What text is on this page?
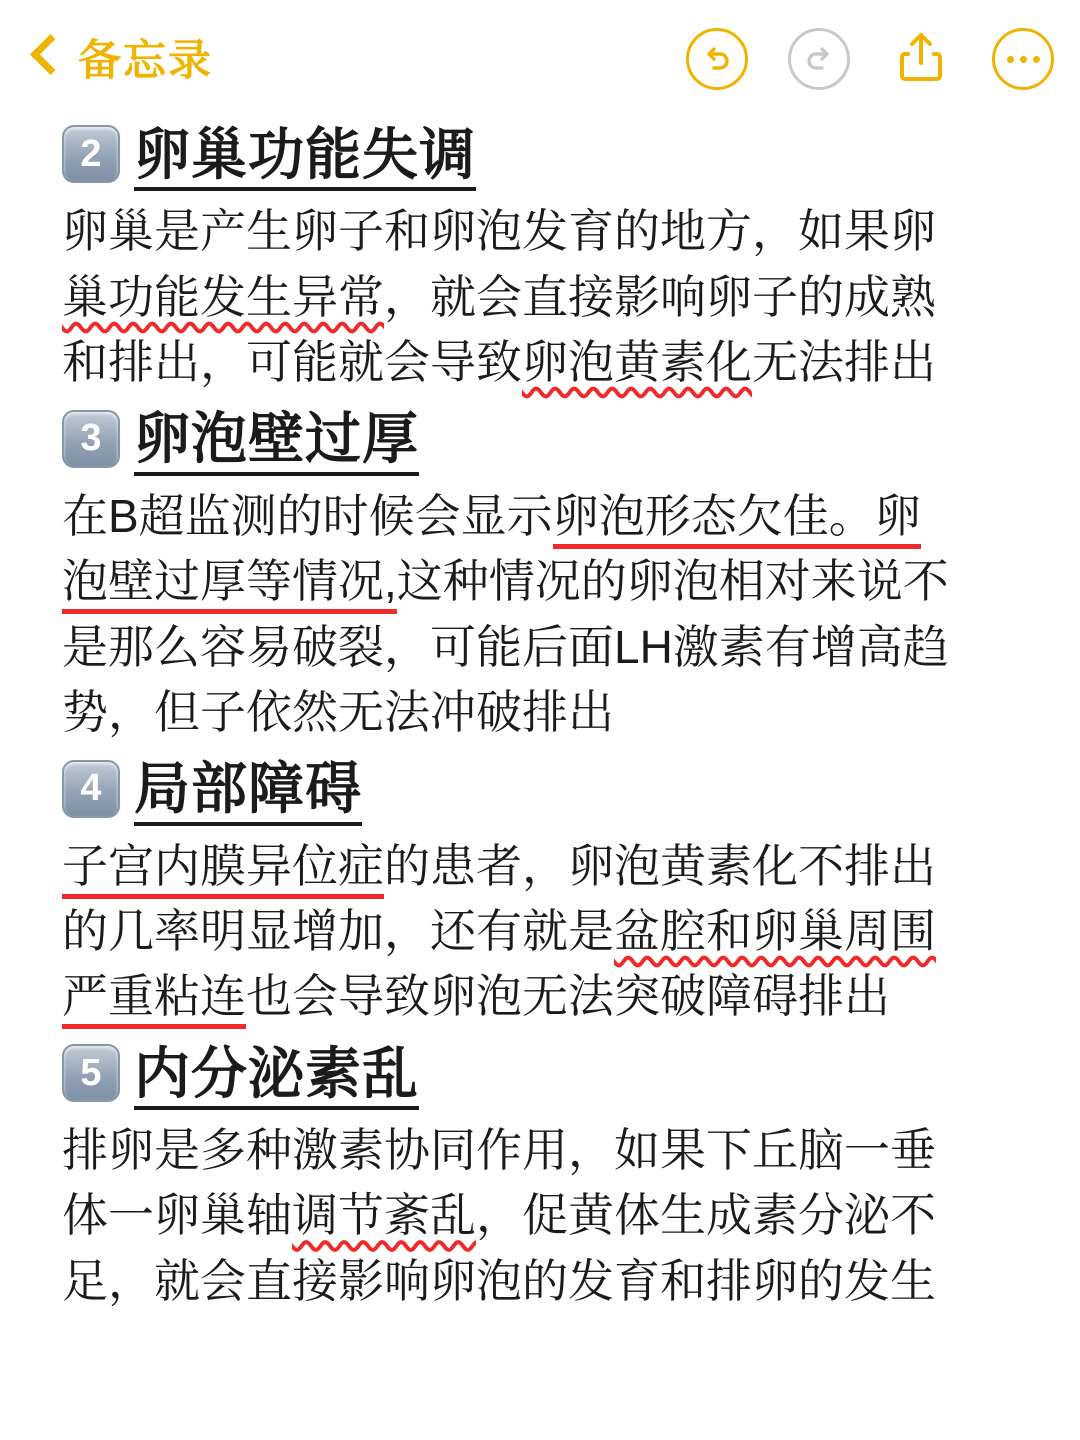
备忘录
2 卵巢功能失调
卵巢是产生卵子和卵泡发育的地方，如果卵
巢功能发生异常，就会直接影响卵子的成熟
和排出，可能就会导致卵泡黄素化无法排出
3 卵泡壁过厚
在B超监测的时候会显示卵泡形态欠佳。卵
泡壁过厚等情况,这种情况的卵泡相对来说不
是那么容易破裂，可能后面LH激素有增高趋
势，但子依然无法冲破排出
4 局部障碍
子宫内膜异位症的患者，卵泡黄素化不排出
的几率明显增加，还有就是盆腔和卵巢周围
严重粘连也会导致卵泡无法突破障碍排出
5 内分泌素乱
排卵是多种激素协同作用，如果下丘脑一垂
体一卵巢轴调节紊乱，促黄体生成素分泌不
足，就会直接影响卵泡的发育和排卵的发生
